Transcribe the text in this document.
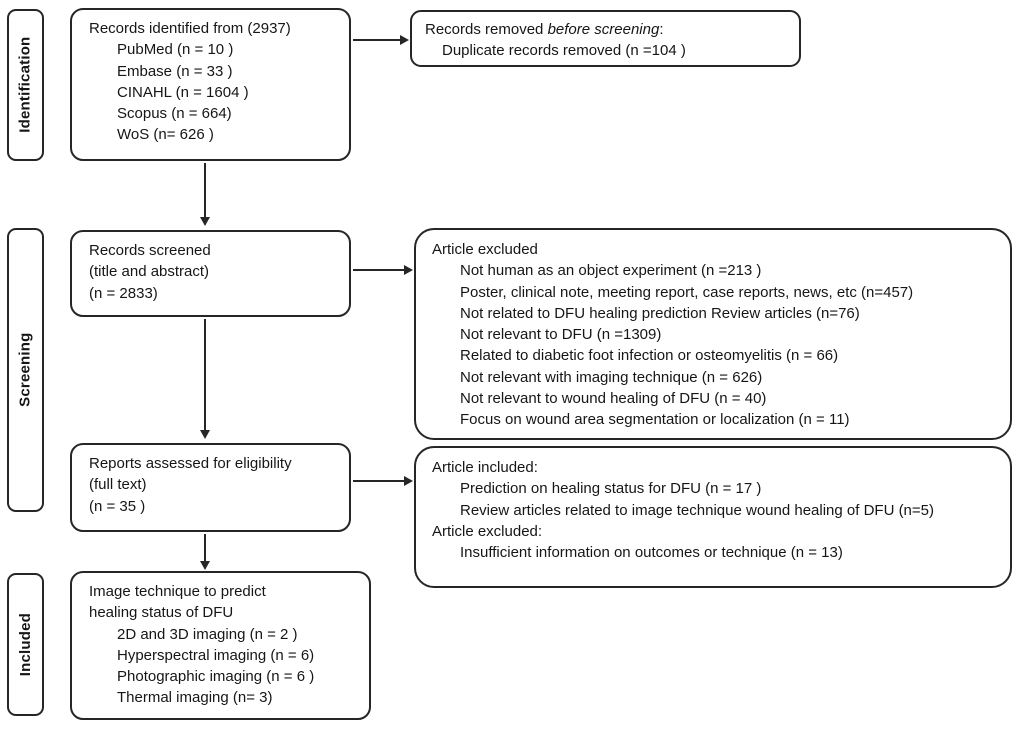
Identification
Screening
Included
Records identified from (2937)
PubMed (n = 10 )
Embase (n = 33 )
CINAHL (n = 1604 )
Scopus (n = 664)
WoS (n= 626 )
Records removed before screening:
Duplicate records removed (n =104 )
Records screened
(title and abstract)
(n = 2833)
Article excluded
Not human as an object experiment (n =213 )
Poster, clinical note, meeting report, case reports, news, etc (n=457)
Not related to DFU healing prediction Review articles (n=76)
Not relevant to DFU (n =1309)
Related to diabetic foot infection or osteomyelitis (n = 66)
Not relevant with imaging technique (n = 626)
Not relevant to wound healing of DFU (n = 40)
Focus on wound area segmentation or localization (n = 11)
Reports assessed for eligibility
(full text)
(n = 35 )
Article included:
Prediction on healing status for DFU (n = 17 )
Review articles related to image technique wound healing of DFU (n=5)
Article excluded:
Insufficient information on outcomes or technique (n = 13)
Image technique to predict
healing status of DFU
2D and 3D imaging (n = 2 )
Hyperspectral imaging (n = 6)
Photographic imaging (n = 6 )
Thermal imaging (n= 3)
